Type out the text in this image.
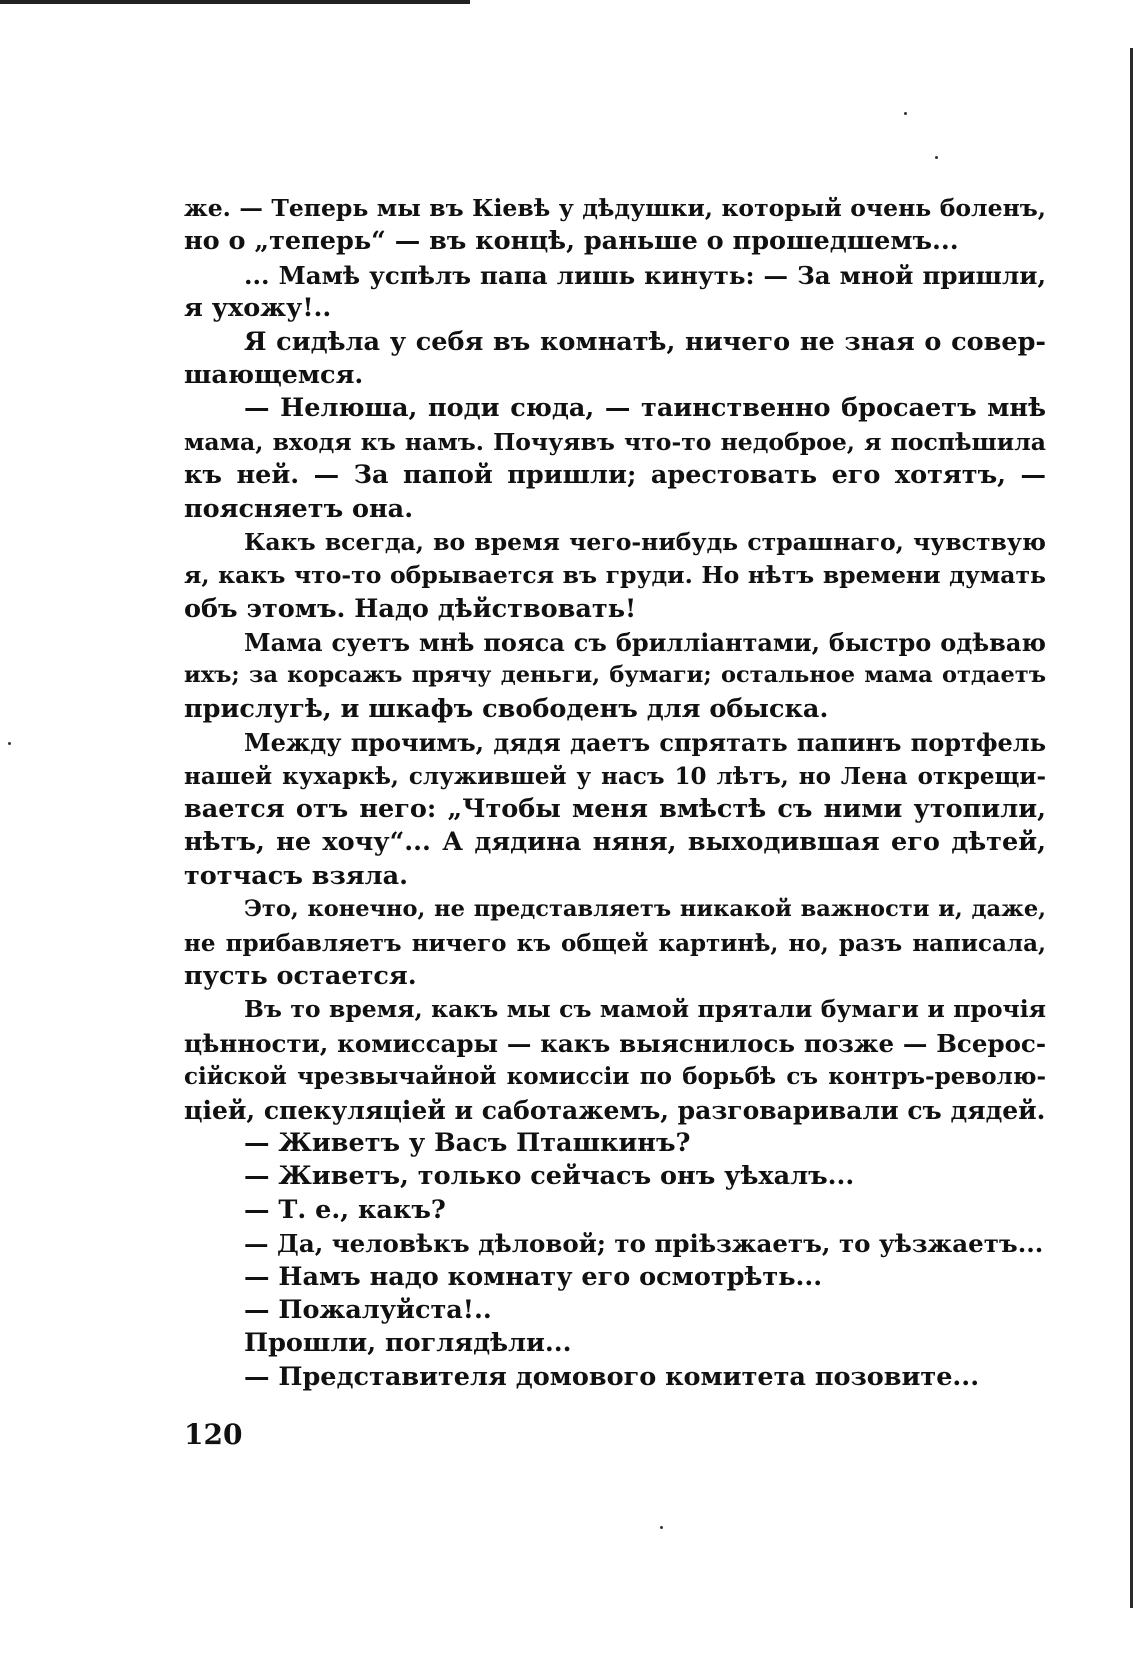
же. — Теперь мы въ Кіевѣ у дѣдушки, который очень боленъ,
но о „теперь“ — въ концѣ, раньше о прошедшемъ...
... Мамѣ успѣлъ папа лишь кинуть: — За мной пришли,
я ухожу!..
Я сидѣла у себя въ комнатѣ, ничего не зная о совер-
шающемся.
— Нелюша, поди сюда, — таинственно бросаетъ мнѣ
мама, входя къ намъ. Почуявъ что-то недоброе, я поспѣшила
къ ней. — За папой пришли; арестовать его хотятъ, —
поясняетъ она.
Какъ всегда, во время чего-нибудь страшнаго, чувствую
я, какъ что-то обрывается въ груди. Но нѣтъ времени думать
объ этомъ. Надо дѣйствовать!
Мама суетъ мнѣ пояса съ брилліантами, быстро одѣваю
ихъ; за корсажъ прячу деньги, бумаги; остальное мама отдаетъ
прислугѣ, и шкафъ свободенъ для обыска.
Между прочимъ, дядя даетъ спрятать папинъ портфель
нашей кухаркѣ, служившей у насъ 10 лѣтъ, но Лена открещи-
вается отъ него: „Чтобы меня вмѣстѣ съ ними утопили,
нѣтъ, не хочу“... А дядина няня, выходившая его дѣтей,
тотчасъ взяла.
Это, конечно, не представляетъ никакой важности и, даже,
не прибавляетъ ничего къ общей картинѣ, но, разъ написала,
пусть остается.
Въ то время, какъ мы съ мамой прятали бумаги и прочія
цѣнности, комиссары — какъ выяснилось позже — Всерос-
сійской чрезвычайной комиссіи по борьбѣ съ контръ-револю-
ціей, спекуляціей и саботажемъ, разговаривали съ дядей.
— Живетъ у Васъ Пташкинъ?
— Живетъ, только сейчасъ онъ уѣхалъ...
— Т. е., какъ?
— Да, человѣкъ дѣловой; то пріѣзжаетъ, то уѣзжаетъ...
— Намъ надо комнату его осмотрѣть...
— Пожалуйста!..
Прошли, поглядѣли...
— Представителя домового комитета позовите...
120
